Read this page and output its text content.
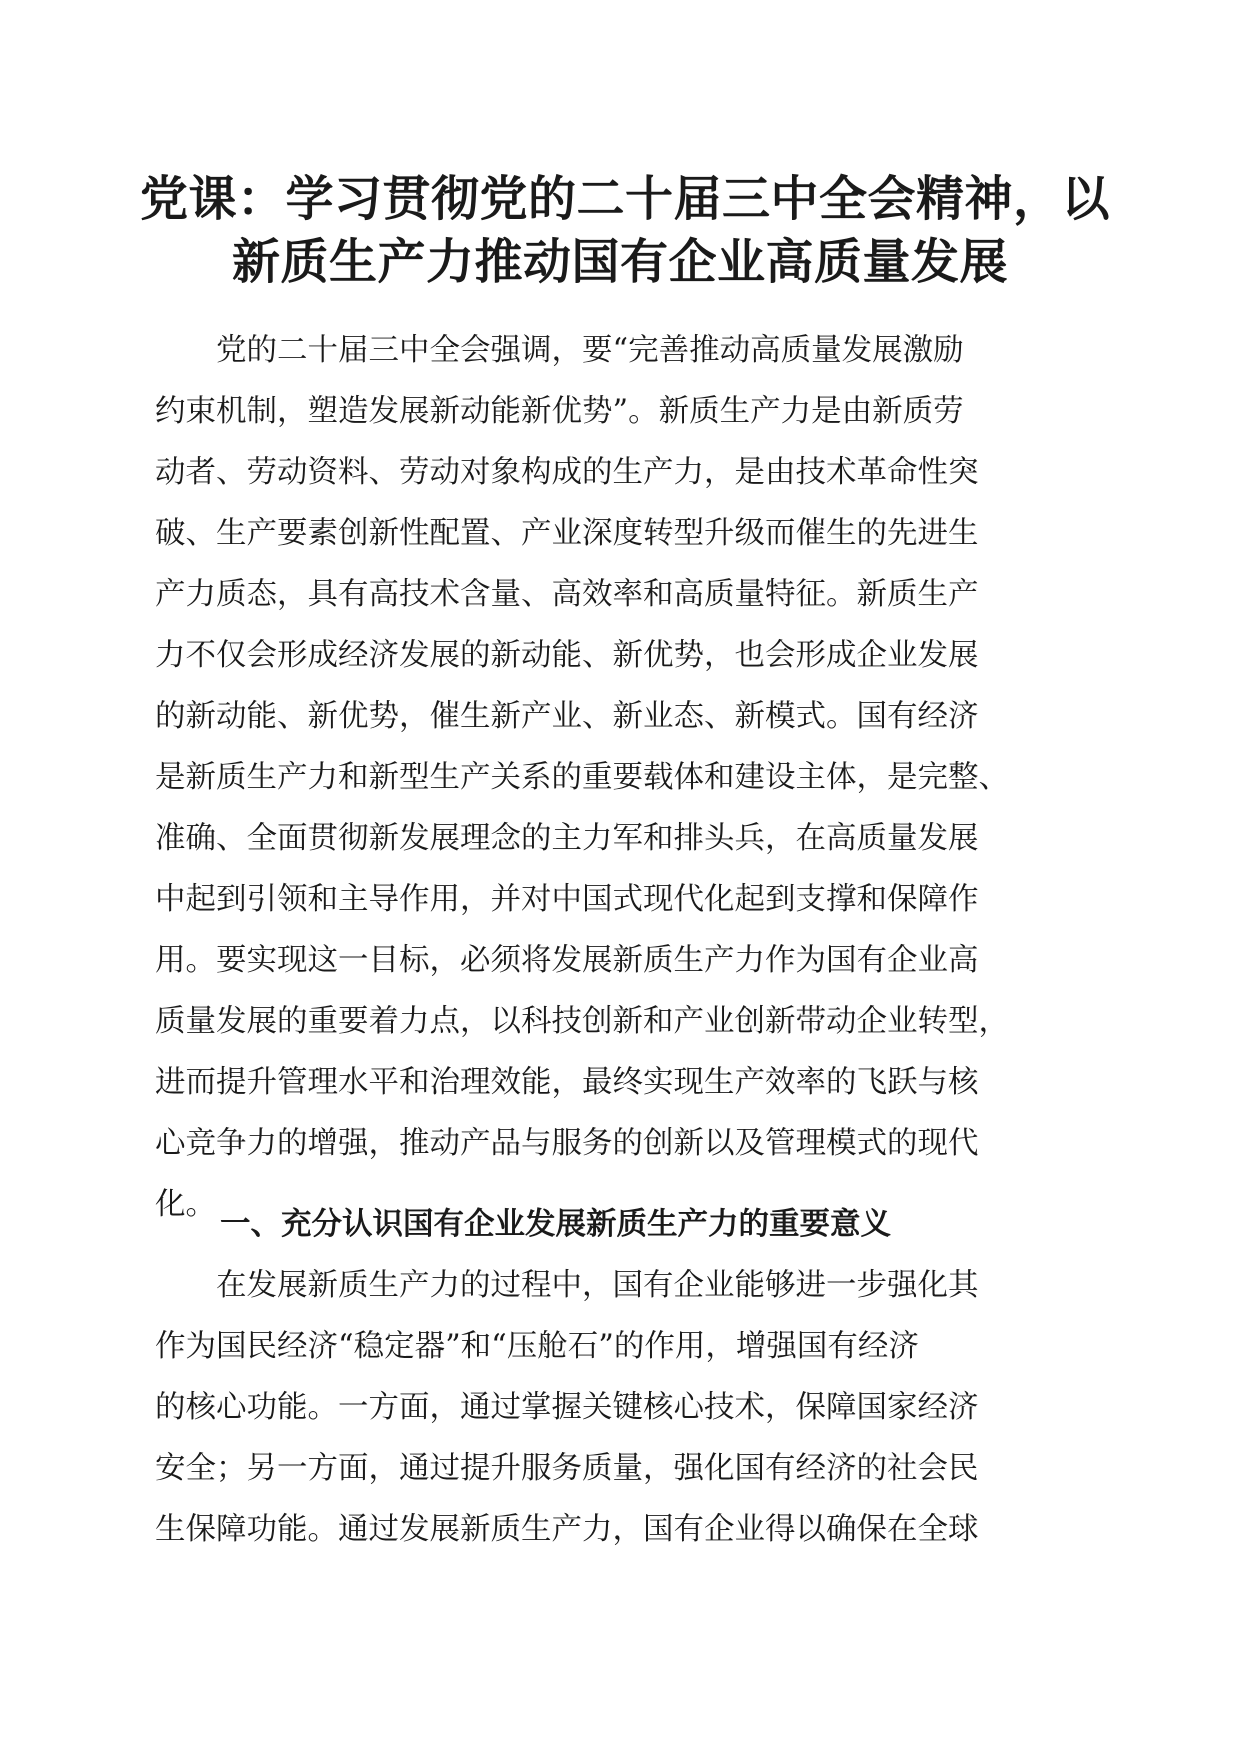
党课：学习贯彻党的二十届三中全会精神，以
新质生产力推动国有企业高质量发展
　　党的二十届三中全会强调，要“完善推动高质量发展激励
约束机制，塑造发展新动能新优势”。新质生产力是由新质劳
动者、劳动资料、劳动对象构成的生产力，是由技术革命性突
破、生产要素创新性配置、产业深度转型升级而催生的先进生
产力质态，具有高技术含量、高效率和高质量特征。新质生产
力不仅会形成经济发展的新动能、新优势，也会形成企业发展
的新动能、新优势，催生新产业、新业态、新模式。国有经济
是新质生产力和新型生产关系的重要载体和建设主体，是完整、
准确、全面贯彻新发展理念的主力军和排头兵，在高质量发展
中起到引领和主导作用，并对中国式现代化起到支撑和保障作
用。要实现这一目标，必须将发展新质生产力作为国有企业高
质量发展的重要着力点，以科技创新和产业创新带动企业转型，
进而提升管理水平和治理效能，最终实现生产效率的飞跃与核
心竞争力的增强，推动产品与服务的创新以及管理模式的现代
化。
一、充分认识国有企业发展新质生产力的重要意义
　　在发展新质生产力的过程中，国有企业能够进一步强化其
作为国民经济“稳定器”和“压舱石”的作用，增强国有经济
的核心功能。一方面，通过掌握关键核心技术，保障国家经济
安全；另一方面，通过提升服务质量，强化国有经济的社会民
生保障功能。通过发展新质生产力，国有企业得以确保在全球
